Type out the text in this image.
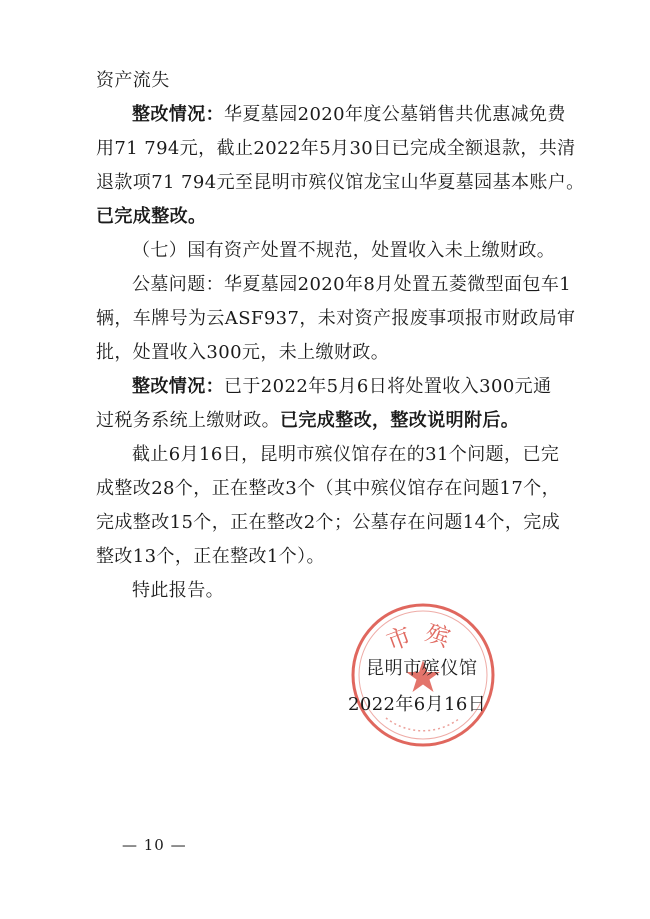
资产流失
整改情况：华夏墓园2020年度公墓销售共优惠减免费
用71 794元，截止2022年5月30日已完成全额退款，共清
退款项71 794元至昆明市殡仪馆龙宝山华夏墓园基本账户。
已完成整改。
（七）国有资产处置不规范，处置收入未上缴财政。
公墓问题：华夏墓园2020年8月处置五菱微型面包车1
辆，车牌号为云ASF937，未对资产报废事项报市财政局审
批，处置收入300元，未上缴财政。
整改情况：已于2022年5月6日将处置收入300元通
过税务系统上缴财政。已完成整改，整改说明附后。
截止6月16日，昆明市殡仪馆存在的31个问题，已完
成整改28个，正在整改3个（其中殡仪馆存在问题17个，
完成整改15个，正在整改2个；公墓存在问题14个，完成
整改13个，正在整改1个）。
特此报告。
市殡
昆明市殡仪馆
2022年6月16日
— 10 —
